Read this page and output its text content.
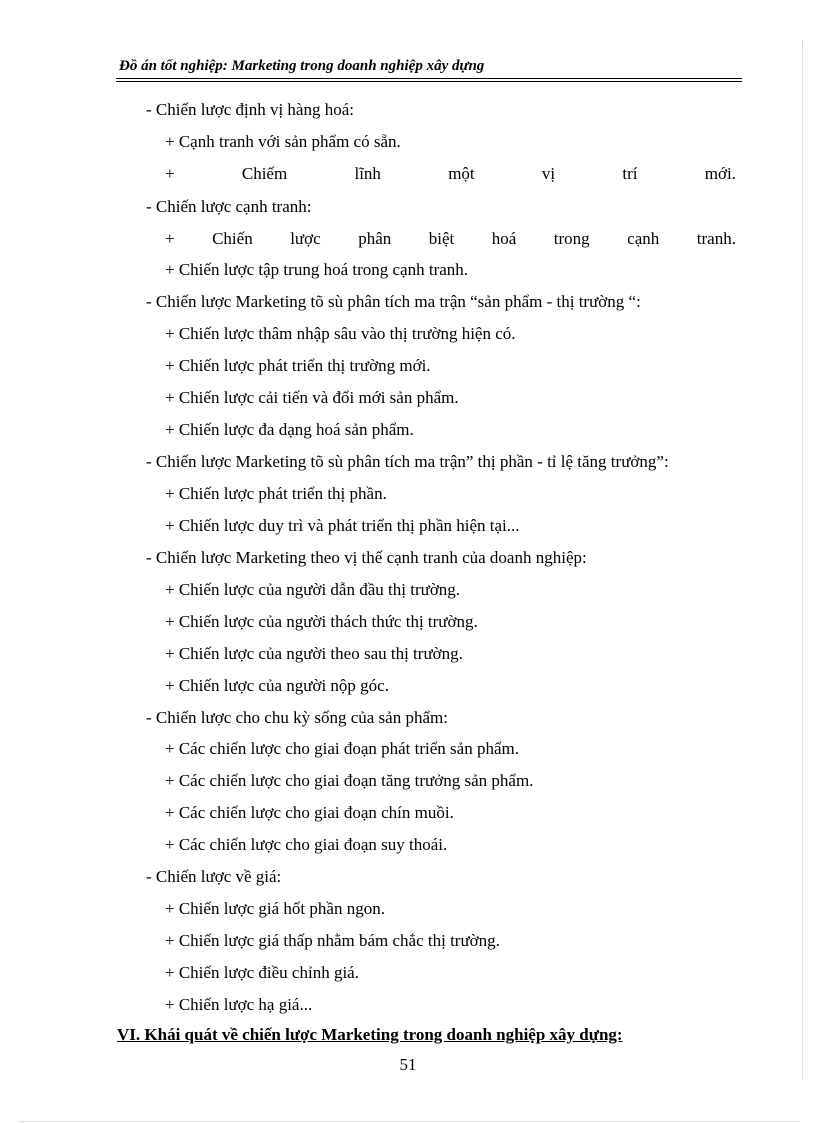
Đồ án tốt nghiệp: Marketing trong doanh nghiệp xây dựng
- Chiến lược định vị hàng hoá:
+ Cạnh tranh với sản phẩm có sẵn.
+	Chiếm	lĩnh	một	vị	trí	mới.
- Chiến lược cạnh tranh:
+ Chiến lược phân biệt hoá trong cạnh tranh.
+ Chiến lược tập trung hoá trong cạnh tranh.
- Chiến lược Marketing tõ sù phân tích ma trận “sản phẩm - thị trường “:
+ Chiến lược thâm nhập sâu vào thị trường hiện có.
+ Chiến lược phát triển thị trường mới.
+ Chiến lược cải tiến và đổi mới sản phẩm.
+ Chiến lược đa dạng hoá sản phẩm.
- Chiến lược Marketing tõ sù phân tích ma trận” thị phần - tỉ lệ tăng trưởng”:
+ Chiến lược phát triển thị phần.
+ Chiến lược duy trì và phát triển thị phần hiện tại...
- Chiến lược Marketing theo vị thế cạnh tranh của doanh nghiệp:
+ Chiến lược của người dẫn đầu thị trường.
+ Chiến lược của người thách thức thị trường.
+ Chiến lược của người theo sau thị trường.
+ Chiến lược của người nộp góc.
- Chiến lược cho chu kỳ sống của sản phẩm:
+ Các chiến lược cho giai đoạn phát triển sản phẩm.
+ Các chiến lược cho giai đoạn tăng trưởng sản phẩm.
+ Các chiến lược cho giai đoạn chín muồi.
+ Các chiến lược cho giai đoạn suy thoái.
- Chiến lược về giá:
+ Chiến lược giá hốt phần ngon.
+ Chiến lược giá thấp nhằm bám chắc thị trường.
+ Chiến lược điều chỉnh giá.
+ Chiến lược hạ giá...
VI. Khái quát về chiến lược Marketing trong doanh nghiệp xây dựng:
51
